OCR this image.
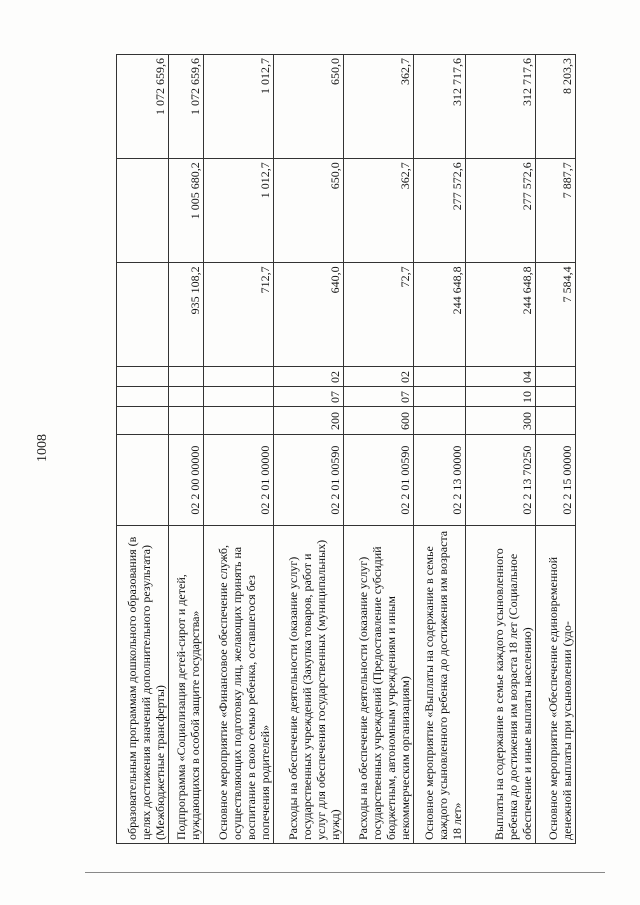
1008
образовательным программам дошкольного образования (в целях достижения значений дополнительного результата) (Межбюджетные трансферты)							1 072 659,6
Подпрограмма «Социализация детей-сирот и детей, нуждающихся в особой защите государства»	02 2 00 00000				935 108,2	1 005 680,2	1 072 659,6
Основное мероприятие «Финансовое обеспечение служб, осуществляющих подготовку лиц, желающих принять на воспитание в свою семью ребенка, оставшегося без попечения родителей»	02 2 01 00000				712,7	1 012,7	1 012,7
Расходы на обеспечение деятельности (оказание услуг) государственных учреждений (Закупка товаров, работ и услуг для обеспечения государственных (муниципальных) нужд)	02 2 01 00590	200	07	02	640,0	650,0	650,0
Расходы на обеспечение деятельности (оказание услуг) государственных учреждений (Предоставление субсидий бюджетным, автономным учреждениям и иным некоммерческим организациям)	02 2 01 00590	600	07	02	72,7	362,7	362,7
Основное мероприятие «Выплаты на содержание в семье каждого усыновленного ребенка до достижения им возраста 18 лет»	02 2 13 00000				244 648,8	277 572,6	312 717,6
Выплаты на содержание в семье каждого усыновленного ребенка до достижения им возраста 18 лет (Социальное обеспечение и иные выплаты населению)	02 2 13 70250	300	10	04	244 648,8	277 572,6	312 717,6
Основное мероприятие «Обеспечение единовременной денежной выплаты при усыновлении (удо-	02 2 15 00000				7 584,4	7 887,7	8 203,3
